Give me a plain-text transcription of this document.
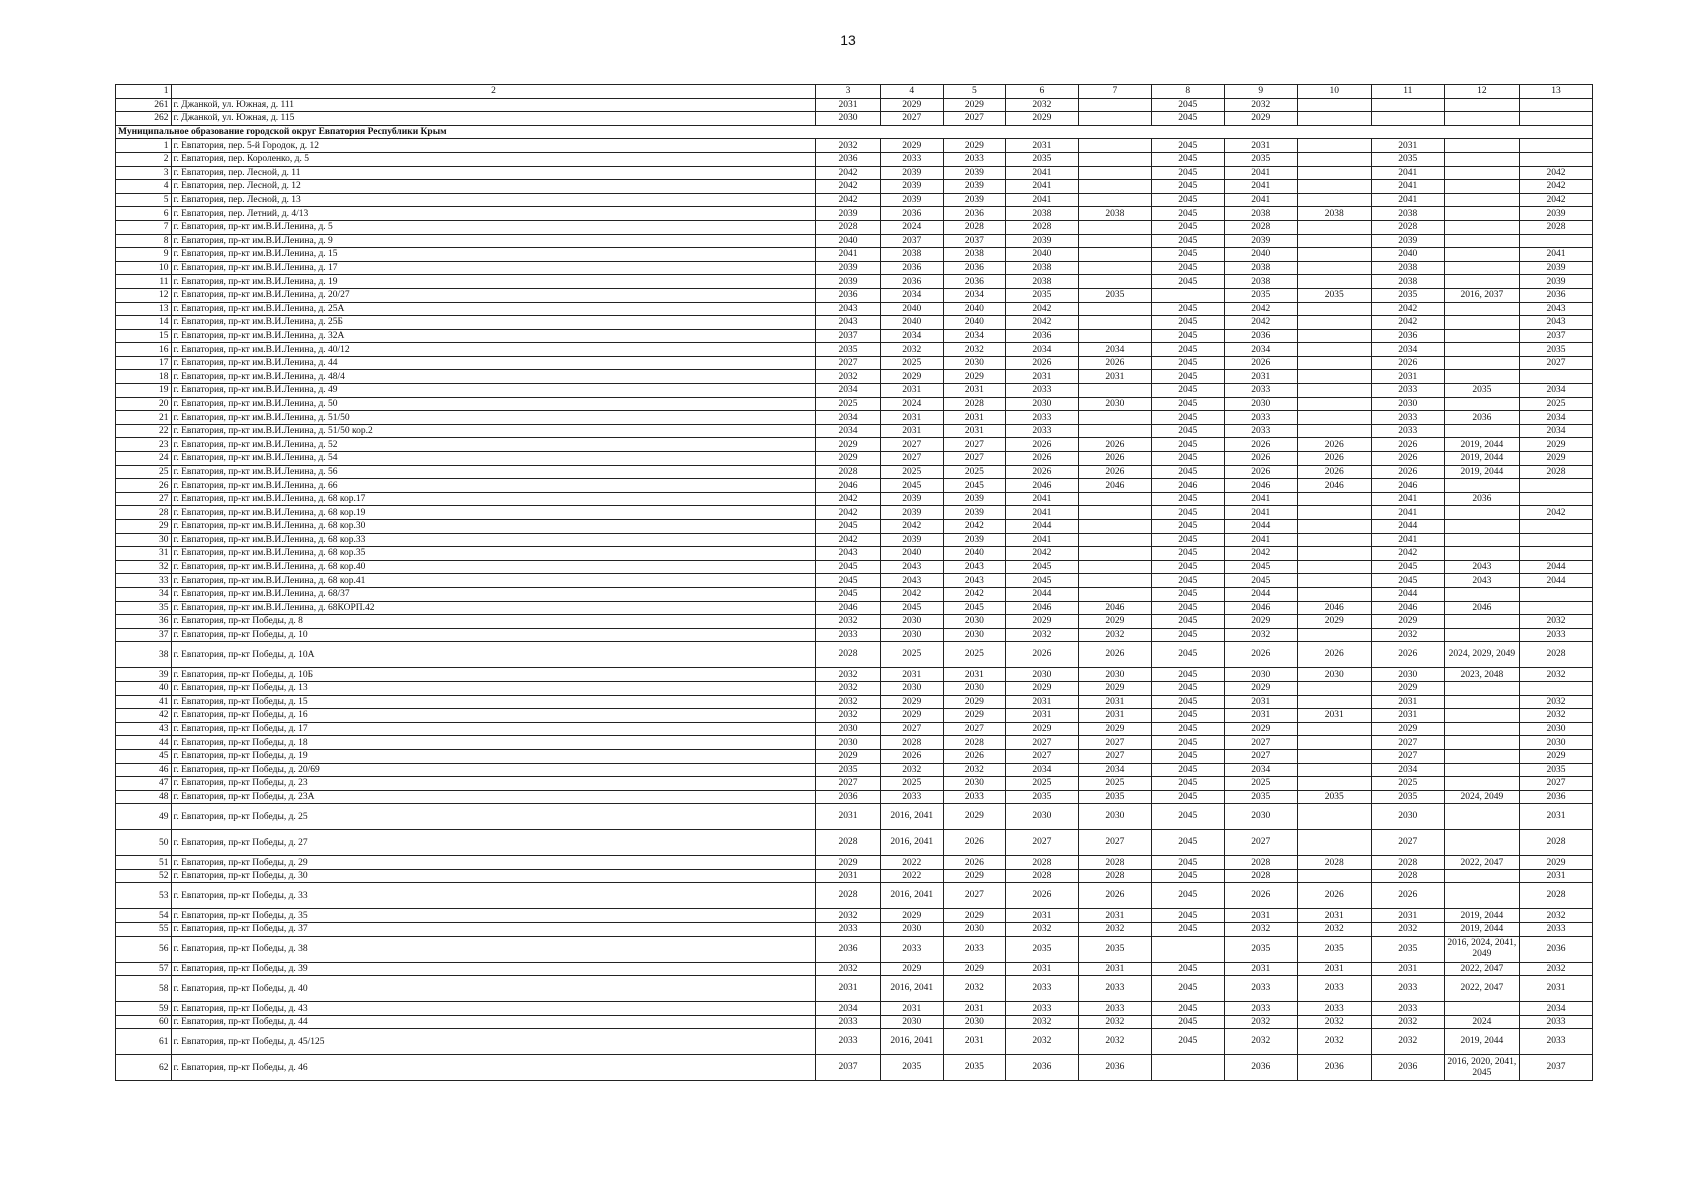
13
1	2	3	4	5	6	7	8	9	10	11	12	13
261	г. Джанкой, ул. Южная, д. 111	2031	2029	2029	2032		2045	2032				
262	г. Джанкой, ул. Южная, д. 115	2030	2027	2027	2029		2045	2029				
Муниципальное образование городской округ Евпатория Республики Крым												
1	г. Евпатория, пер. 5-й Городок, д. 12	2032	2029	2029	2031		2045	2031		2031		
2	г. Евпатория, пер. Короленко, д. 5	2036	2033	2033	2035		2045	2035		2035		
3	г. Евпатория, пер. Лесной, д. 11	2042	2039	2039	2041		2045	2041		2041		2042
4	г. Евпатория, пер. Лесной, д. 12	2042	2039	2039	2041		2045	2041		2041		2042
5	г. Евпатория, пер. Лесной, д. 13	2042	2039	2039	2041		2045	2041		2041		2042
6	г. Евпатория, пер. Летний, д. 4/13	2039	2036	2036	2038	2038	2045	2038	2038	2038		2039
7	г. Евпатория, пр-кт им.В.И.Ленина, д. 5	2028	2024	2028	2028		2045	2028		2028		2028
8	г. Евпатория, пр-кт им.В.И.Ленина, д. 9	2040	2037	2037	2039		2045	2039		2039		
9	г. Евпатория, пр-кт им.В.И.Ленина, д. 15	2041	2038	2038	2040		2045	2040		2040		2041
10	г. Евпатория, пр-кт им.В.И.Ленина, д. 17	2039	2036	2036	2038		2045	2038		2038		2039
11	г. Евпатория, пр-кт им.В.И.Ленина, д. 19	2039	2036	2036	2038		2045	2038		2038		2039
12	г. Евпатория, пр-кт им.В.И.Ленина, д. 20/27	2036	2034	2034	2035	2035		2035	2035	2035	2016, 2037	2036
13	г. Евпатория, пр-кт им.В.И.Ленина, д. 25А	2043	2040	2040	2042		2045	2042		2042		2043
14	г. Евпатория, пр-кт им.В.И.Ленина, д. 25Б	2043	2040	2040	2042		2045	2042		2042		2043
15	г. Евпатория, пр-кт им.В.И.Ленина, д. 32А	2037	2034	2034	2036		2045	2036		2036		2037
16	г. Евпатория, пр-кт им.В.И.Ленина, д. 40/12	2035	2032	2032	2034	2034	2045	2034		2034		2035
17	г. Евпатория, пр-кт им.В.И.Ленина, д. 44	2027	2025	2030	2026	2026	2045	2026		2026		2027
18	г. Евпатория, пр-кт им.В.И.Ленина, д. 48/4	2032	2029	2029	2031	2031	2045	2031		2031		
19	г. Евпатория, пр-кт им.В.И.Ленина, д. 49	2034	2031	2031	2033		2045	2033		2033	2035	2034
20	г. Евпатория, пр-кт им.В.И.Ленина, д. 50	2025	2024	2028	2030	2030	2045	2030		2030		2025
21	г. Евпатория, пр-кт им.В.И.Ленина, д. 51/50	2034	2031	2031	2033		2045	2033		2033	2036	2034
22	г. Евпатория, пр-кт им.В.И.Ленина, д. 51/50 кор.2	2034	2031	2031	2033		2045	2033		2033		2034
23	г. Евпатория, пр-кт им.В.И.Ленина, д. 52	2029	2027	2027	2026	2026	2045	2026	2026	2026	2019, 2044	2029
24	г. Евпатория, пр-кт им.В.И.Ленина, д. 54	2029	2027	2027	2026	2026	2045	2026	2026	2026	2019, 2044	2029
25	г. Евпатория, пр-кт им.В.И.Ленина, д. 56	2028	2025	2025	2026	2026	2045	2026	2026	2026	2019, 2044	2028
26	г. Евпатория, пр-кт им.В.И.Ленина, д. 66	2046	2045	2045	2046	2046	2046	2046	2046	2046		
27	г. Евпатория, пр-кт им.В.И.Ленина, д. 68 кор.17	2042	2039	2039	2041		2045	2041		2041	2036	
28	г. Евпатория, пр-кт им.В.И.Ленина, д. 68 кор.19	2042	2039	2039	2041		2045	2041		2041		2042
29	г. Евпатория, пр-кт им.В.И.Ленина, д. 68 кор.30	2045	2042	2042	2044		2045	2044		2044		
30	г. Евпатория, пр-кт им.В.И.Ленина, д. 68 кор.33	2042	2039	2039	2041		2045	2041		2041		
31	г. Евпатория, пр-кт им.В.И.Ленина, д. 68 кор.35	2043	2040	2040	2042		2045	2042		2042		
32	г. Евпатория, пр-кт им.В.И.Ленина, д. 68 кор.40	2045	2043	2043	2045		2045	2045		2045	2043	2044
33	г. Евпатория, пр-кт им.В.И.Ленина, д. 68 кор.41	2045	2043	2043	2045		2045	2045		2045	2043	2044
34	г. Евпатория, пр-кт им.В.И.Ленина, д. 68/37	2045	2042	2042	2044		2045	2044		2044		
35	г. Евпатория, пр-кт им.В.И.Ленина, д. 68КОРП.42	2046	2045	2045	2046	2046	2045	2046	2046	2046	2046	
36	г. Евпатория, пр-кт Победы, д. 8	2032	2030	2030	2029	2029	2045	2029	2029	2029		2032
37	г. Евпатория, пр-кт Победы, д. 10	2033	2030	2030	2032	2032	2045	2032		2032		2033
38	г. Евпатория, пр-кт Победы, д. 10А	2028	2025	2025	2026	2026	2045	2026	2026	2026	2024, 2029, 2049	2028
39	г. Евпатория, пр-кт Победы, д. 10Б	2032	2031	2031	2030	2030	2045	2030	2030	2030	2023, 2048	2032
40	г. Евпатория, пр-кт Победы, д. 13	2032	2030	2030	2029	2029	2045	2029		2029		
41	г. Евпатория, пр-кт Победы, д. 15	2032	2029	2029	2031	2031	2045	2031		2031		2032
42	г. Евпатория, пр-кт Победы, д. 16	2032	2029	2029	2031	2031	2045	2031	2031	2031		2032
43	г. Евпатория, пр-кт Победы, д. 17	2030	2027	2027	2029	2029	2045	2029		2029		2030
44	г. Евпатория, пр-кт Победы, д. 18	2030	2028	2028	2027	2027	2045	2027		2027		2030
45	г. Евпатория, пр-кт Победы, д. 19	2029	2026	2026	2027	2027	2045	2027		2027		2029
46	г. Евпатория, пр-кт Победы, д. 20/69	2035	2032	2032	2034	2034	2045	2034		2034		2035
47	г. Евпатория, пр-кт Победы, д. 23	2027	2025	2030	2025	2025	2045	2025		2025		2027
48	г. Евпатория, пр-кт Победы, д. 23А	2036	2033	2033	2035	2035	2045	2035	2035	2035	2024, 2049	2036
49	г. Евпатория, пр-кт Победы, д. 25	2031	2016, 2041	2029	2030	2030	2045	2030		2030		2031
50	г. Евпатория, пр-кт Победы, д. 27	2028	2016, 2041	2026	2027	2027	2045	2027		2027		2028
51	г. Евпатория, пр-кт Победы, д. 29	2029	2022	2026	2028	2028	2045	2028	2028	2028	2022, 2047	2029
52	г. Евпатория, пр-кт Победы, д. 30	2031	2022	2029	2028	2028	2045	2028		2028		2031
53	г. Евпатория, пр-кт Победы, д. 33	2028	2016, 2041	2027	2026	2026	2045	2026	2026	2026		2028
54	г. Евпатория, пр-кт Победы, д. 35	2032	2029	2029	2031	2031	2045	2031	2031	2031	2019, 2044	2032
55	г. Евпатория, пр-кт Победы, д. 37	2033	2030	2030	2032	2032	2045	2032	2032	2032	2019, 2044	2033
56	г. Евпатория, пр-кт Победы, д. 38	2036	2033	2033	2035	2035		2035	2035	2035	2016, 2024, 2041, 2049	2036
57	г. Евпатория, пр-кт Победы, д. 39	2032	2029	2029	2031	2031	2045	2031	2031	2031	2022, 2047	2032
58	г. Евпатория, пр-кт Победы, д. 40	2031	2016, 2041	2032	2033	2033	2045	2033	2033	2033	2022, 2047	2031
59	г. Евпатория, пр-кт Победы, д. 43	2034	2031	2031	2033	2033	2045	2033	2033	2033		2034
60	г. Евпатория, пр-кт Победы, д. 44	2033	2030	2030	2032	2032	2045	2032	2032	2032	2024	2033
61	г. Евпатория, пр-кт Победы, д. 45/125	2033	2016, 2041	2031	2032	2032	2045	2032	2032	2032	2019, 2044	2033
62	г. Евпатория, пр-кт Победы, д. 46	2037	2035	2035	2036	2036		2036	2036	2036	2016, 2020, 2041, 2045	2037
